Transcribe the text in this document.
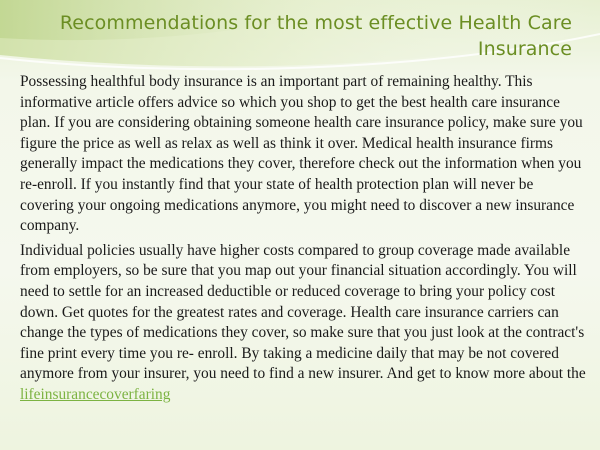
Recommendations for the most effective Health Care Insurance

Possessing healthful body insurance is an important part of remaining healthy. This informative article offers advice so which you shop to get the best health care insurance plan. If you are considering obtaining someone health care insurance policy, make sure you figure the price as well as relax as well as think it over. Medical health insurance firms generally impact the medications they cover, therefore check out the information when you re-enroll. If you instantly find that your state of health protection plan will never be covering your ongoing medications anymore, you might need to discover a new insurance company.

Individual policies usually have higher costs compared to group coverage made available from employers, so be sure that you map out your financial situation accordingly. You will need to settle for an increased deductible or reduced coverage to bring your policy cost down. Get quotes for the greatest rates and coverage. Health care insurance carriers can change the types of medications they cover, so make sure that you just look at the contract's fine print every time you re- enroll. By taking a medicine daily that may be not covered anymore from your insurer, you need to find a new insurer. And get to know more about the lifeinsurancecoverfaring
